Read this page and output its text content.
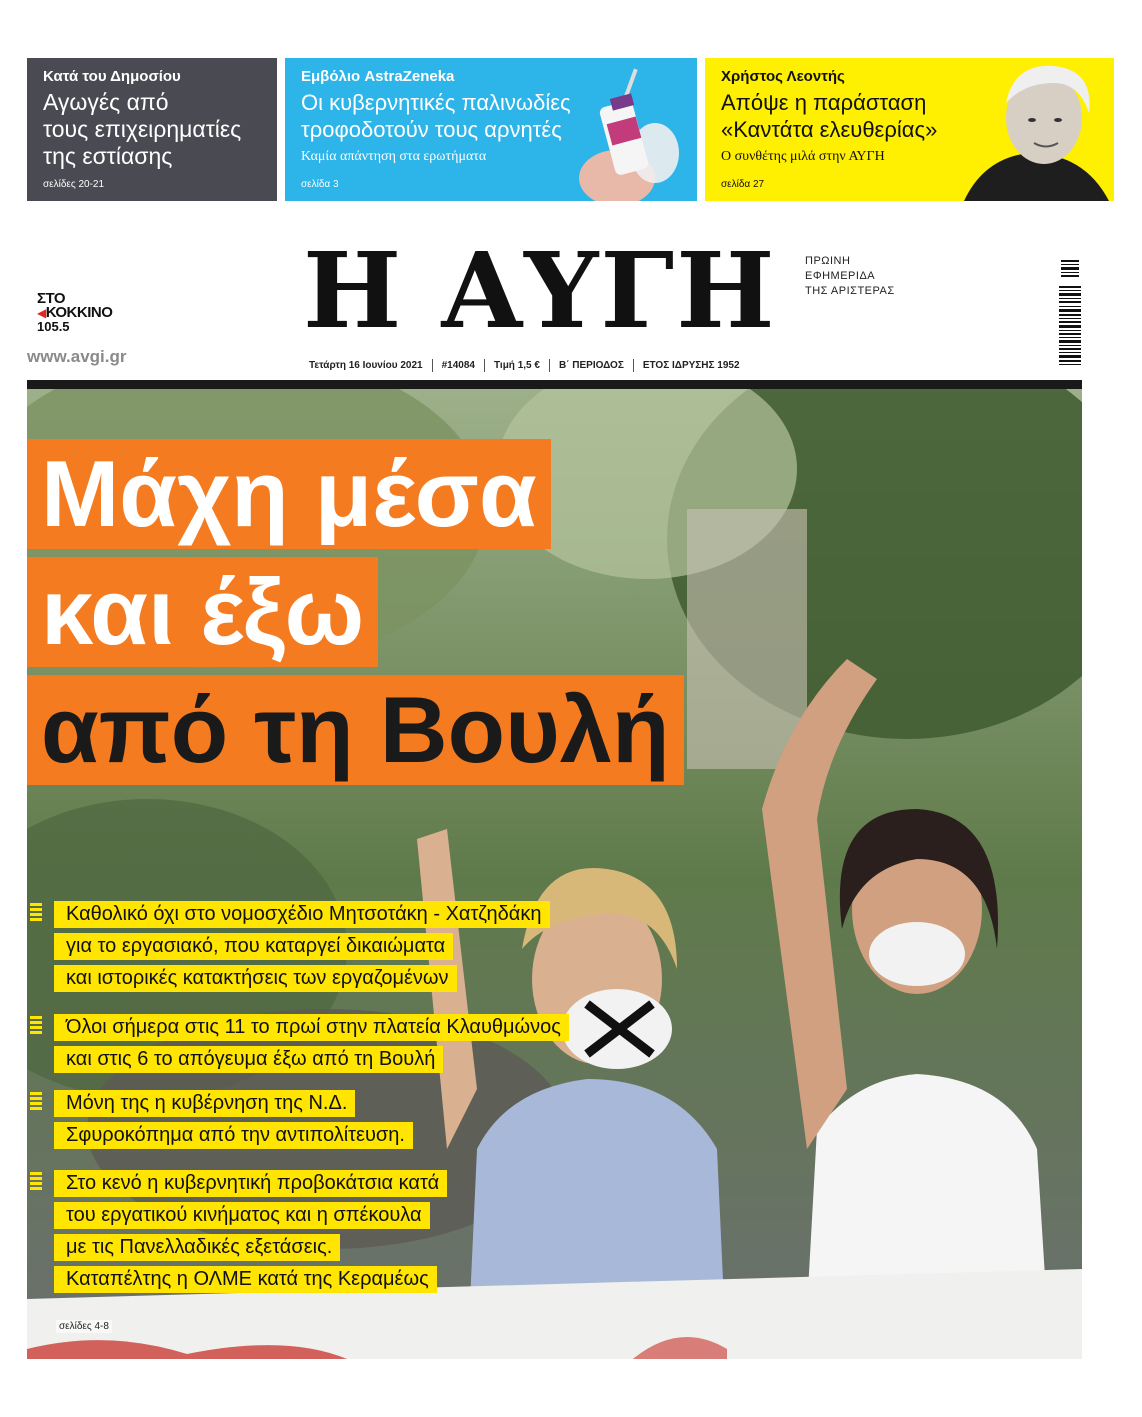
Κατά του Δημοσίου
Αγωγές από
τους επιχειρηματίες
της εστίασης
σελίδες 20-21
Εμβόλιο AstraZeneka
Οι κυβερνητικές παλινωδίες
τροφοδοτούν τους αρνητές
Καμία απάντηση στα ερωτήματα
σελίδα 3
Χρήστος Λεοντής
Απόψε η παράσταση
«Καντάτα ελευθερίας»
Ο συνθέτης μιλά στην ΑΥΓΗ
σελίδα 27
ΣΤΟ
◀ΚΟΚΚΙΝΟ
105.5
www.avgi.gr
Η ΑΥΓΗ	ΠΡΩΙΝΗ
ΕΦΗΜΕΡΙΔΑ
ΤΗΣ ΑΡΙΣΤΕΡΑΣ
Τετάρτη 16 Ιουνίου 2021	#14084	Τιμή 1,5 €	Β΄ ΠΕΡΙΟΔΟΣ	ΕΤΟΣ ΙΔΡΥΣΗΣ 1952
Μάχη μέσα
και έξω
από τη Βουλή
Καθολικό όχι στο νομοσχέδιο Μητσοτάκη - Χατζηδάκη
για το εργασιακό, που καταργεί δικαιώματα
και ιστορικές κατακτήσεις των εργαζομένων
Όλοι σήμερα στις 11 το πρωί στην πλατεία Κλαυθμώνος
και στις 6 το απόγευμα έξω από τη Βουλή
Μόνη της η κυβέρνηση της Ν.Δ.
Σφυροκόπημα από την αντιπολίτευση.
Στο κενό η κυβερνητική προβοκάτσια κατά
του εργατικού κινήματος και η σπέκουλα
με τις Πανελλαδικές εξετάσεις.
Καταπέλτης η ΟΛΜΕ κατά της Κεραμέως
σελίδες 4-8
